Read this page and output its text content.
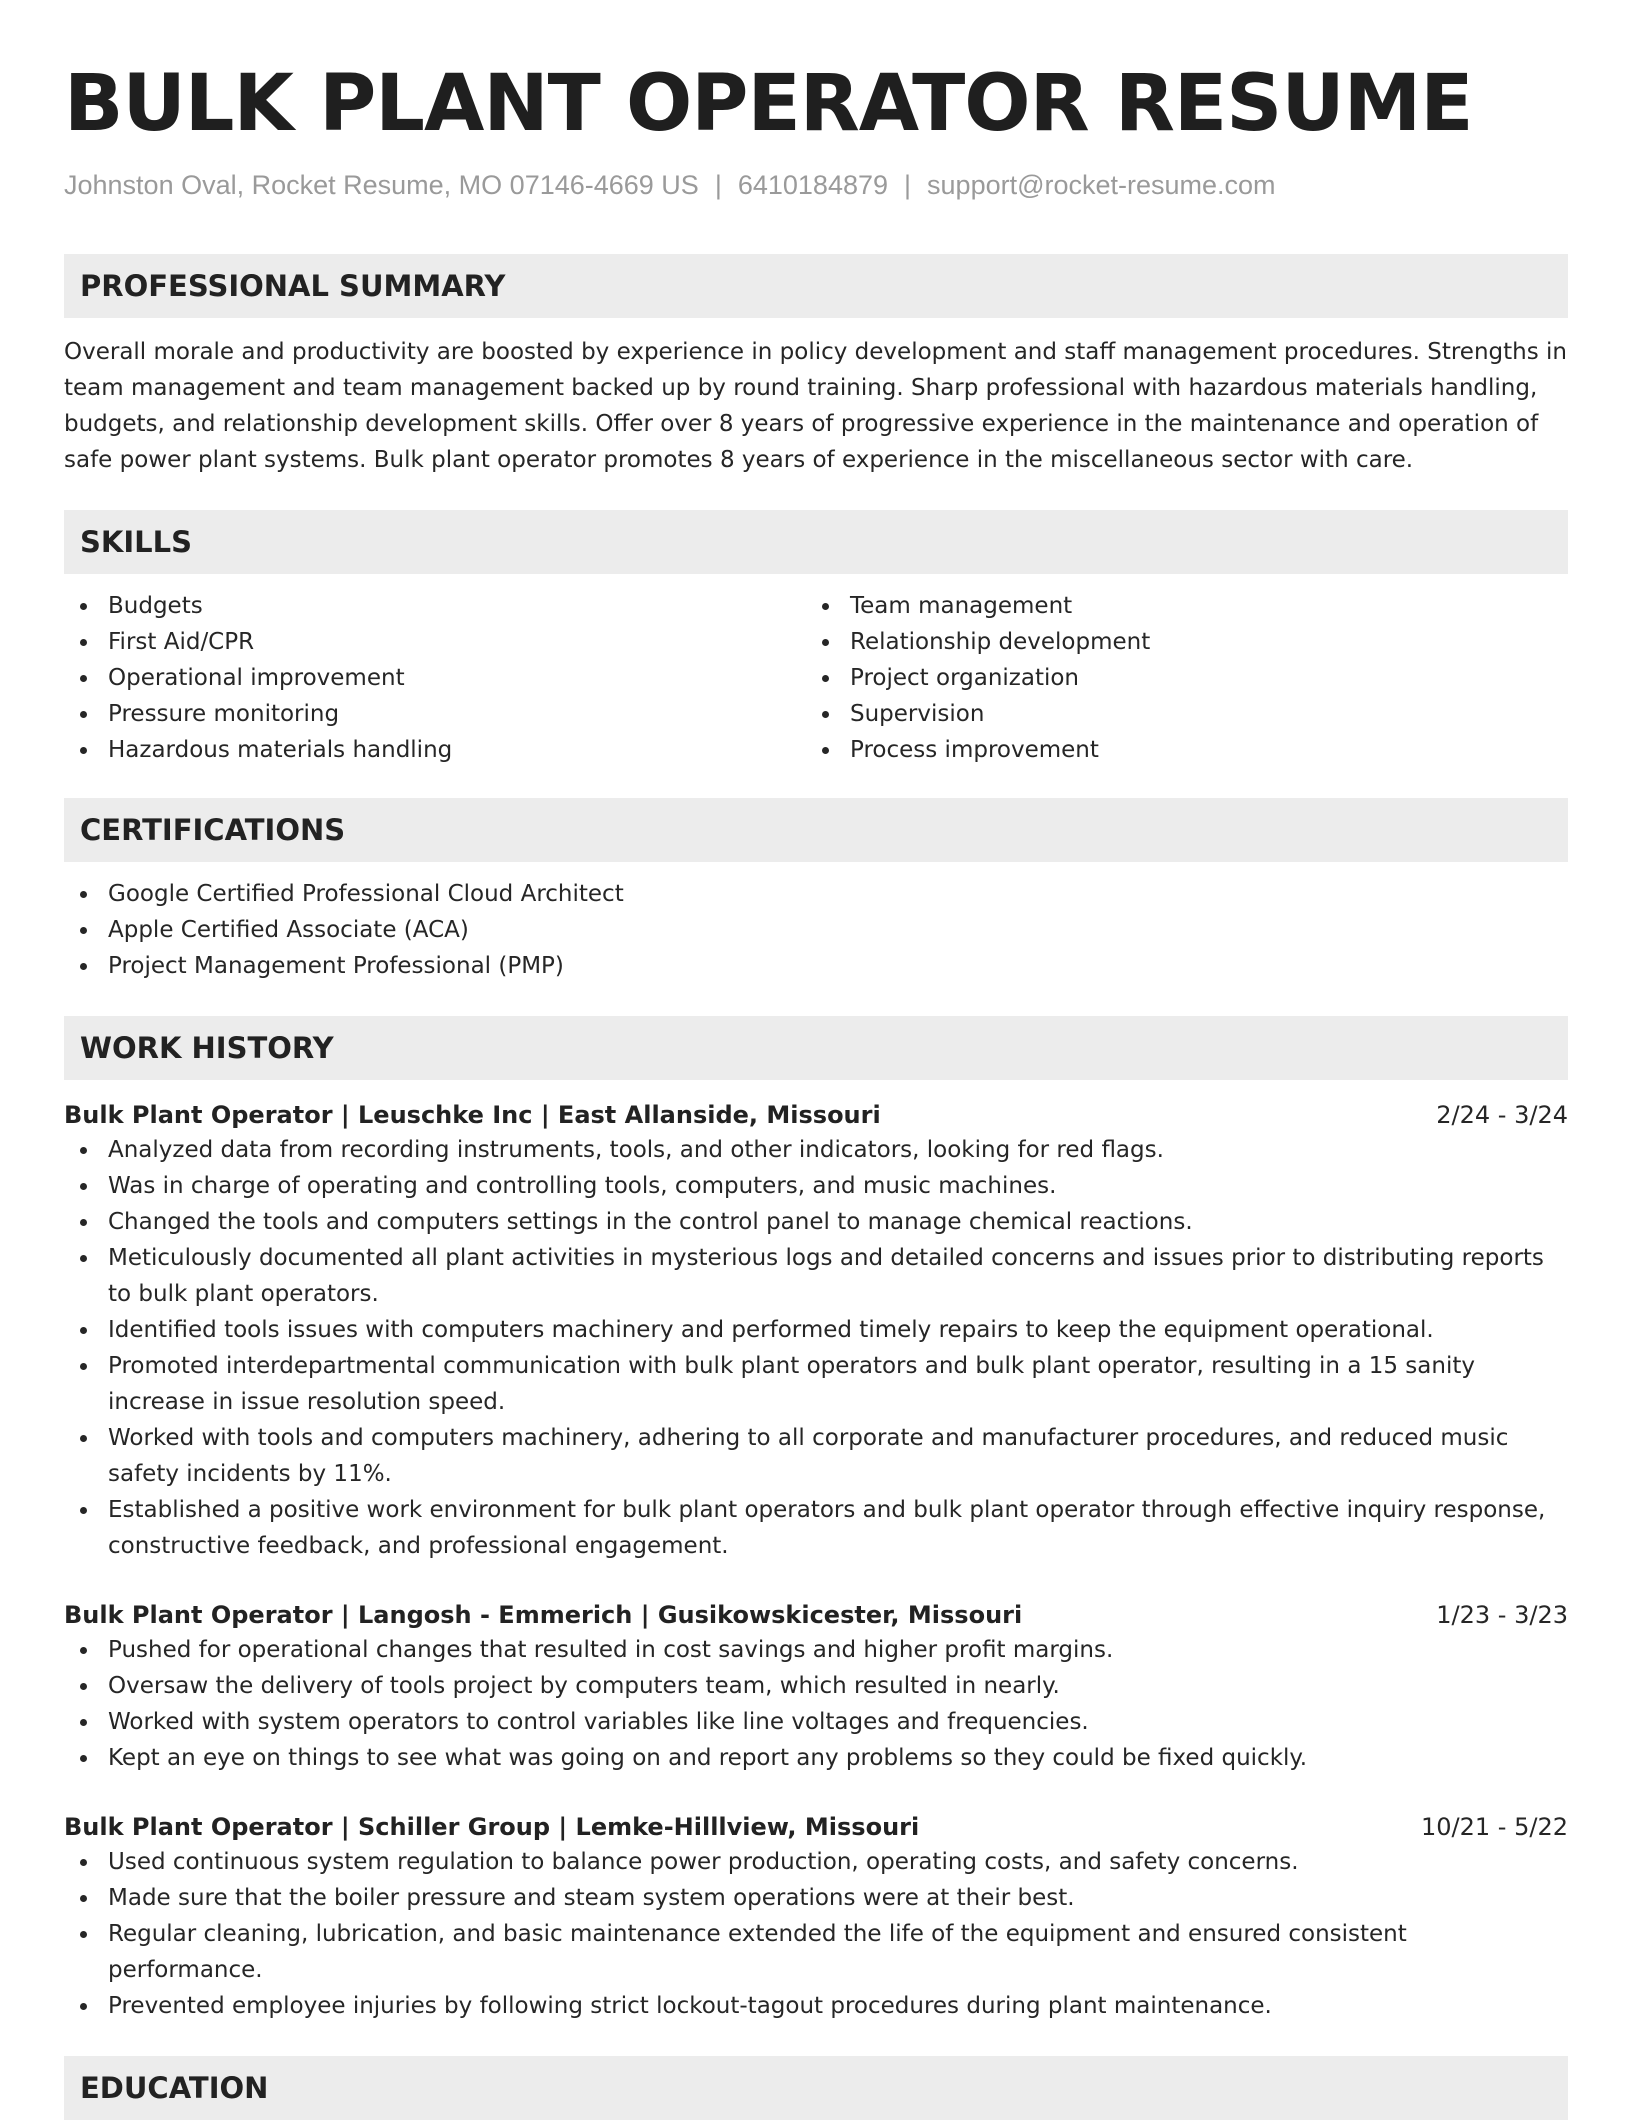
BULK PLANT OPERATOR RESUME
Johnston Oval, Rocket Resume, MO 07146-4669 US | 6410184879 | support@rocket-resume.com
PROFESSIONAL SUMMARY

Overall morale and productivity are boosted by experience in policy development and staff management procedures. Strengths in team management and team management backed up by round training. Sharp professional with hazardous materials handling, budgets, and relationship development skills. Offer over 8 years of progressive experience in the maintenance and operation of safe power plant systems. Bulk plant operator promotes 8 years of experience in the miscellaneous sector with care.

SKILLS
Budgets
First Aid/CPR
Operational improvement
Pressure monitoring
Hazardous materials handling
Team management
Relationship development
Project organization
Supervision
Process improvement
CERTIFICATIONS
Google Certified Professional Cloud Architect
Apple Certified Associate (ACA)
Project Management Professional (PMP)
WORK HISTORY
Bulk Plant Operator | Leuschke Inc | East Allanside, Missouri	2/24 - 3/24
Analyzed data from recording instruments, tools, and other indicators, looking for red flags.
Was in charge of operating and controlling tools, computers, and music machines.
Changed the tools and computers settings in the control panel to manage chemical reactions.
Meticulously documented all plant activities in mysterious logs and detailed concerns and issues prior to distributing reports to bulk plant operators.
Identified tools issues with computers machinery and performed timely repairs to keep the equipment operational.
Promoted interdepartmental communication with bulk plant operators and bulk plant operator, resulting in a 15 sanity increase in issue resolution speed.
Worked with tools and computers machinery, adhering to all corporate and manufacturer procedures, and reduced music safety incidents by 11%.
Established a positive work environment for bulk plant operators and bulk plant operator through effective inquiry response, constructive feedback, and professional engagement.
Bulk Plant Operator | Langosh - Emmerich | Gusikowskicester, Missouri	1/23 - 3/23
Pushed for operational changes that resulted in cost savings and higher profit margins.
Oversaw the delivery of tools project by computers team, which resulted in nearly.
Worked with system operators to control variables like line voltages and frequencies.
Kept an eye on things to see what was going on and report any problems so they could be fixed quickly.
Bulk Plant Operator | Schiller Group | Lemke-Hilllview, Missouri	10/21 - 5/22
Used continuous system regulation to balance power production, operating costs, and safety concerns.
Made sure that the boiler pressure and steam system operations were at their best.
Regular cleaning, lubrication, and basic maintenance extended the life of the equipment and ensured consistent performance.
Prevented employee injuries by following strict lockout-tagout procedures during plant maintenance.
EDUCATION
